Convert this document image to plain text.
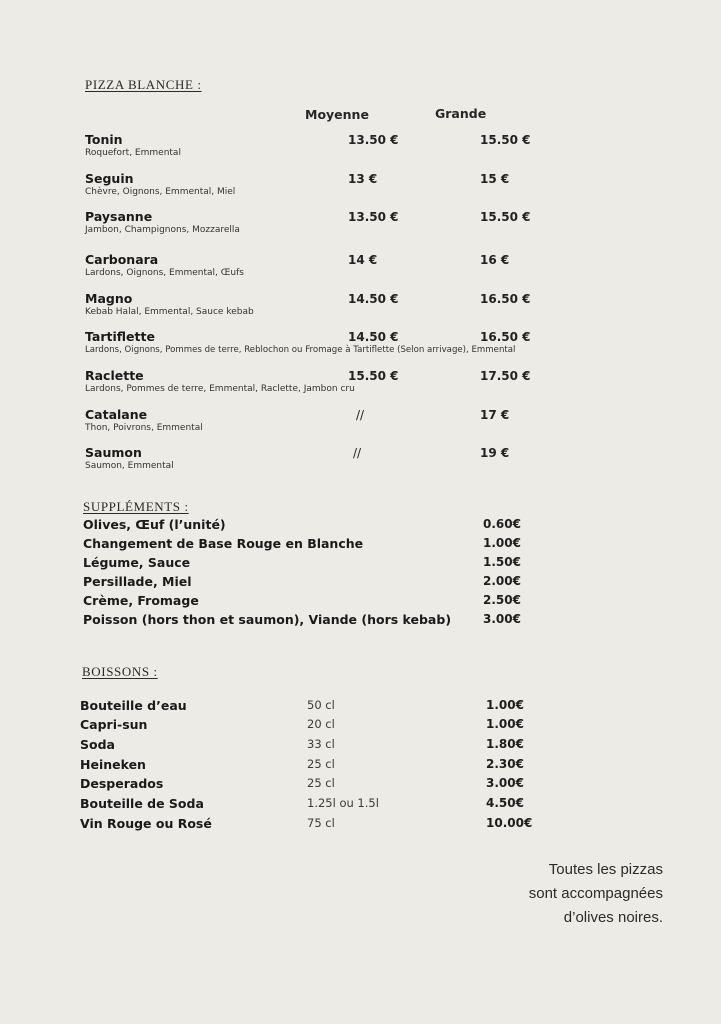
PIZZA BLANCHE :
Moyenne	Grande
Tonin
Roquefort, Emmental
13.50 €	15.50 €
Seguin
Chèvre, Oignons, Emmental, Miel
13 €	15 €
Paysanne
Jambon, Champignons, Mozzarella
13.50 €	15.50 €
Carbonara
Lardons, Oignons, Emmental, Œufs
14 €	16 €
Magno
Kebab Halal, Emmental, Sauce kebab
14.50 €	16.50 €
Tartiflette
Lardons, Oignons, Pommes de terre, Reblochon ou Fromage à Tartiflette (Selon arrivage), Emmental
14.50 €	16.50 €
Raclette
Lardons, Pommes de terre, Emmental, Raclette, Jambon cru
15.50 €	17.50 €
Catalane
Thon, Poivrons, Emmental
//	17 €
Saumon
Saumon, Emmental
//	19 €
SUPPLÉMENTS :
Olives, Œuf (l’unité)	0.60€
Changement de Base Rouge en Blanche	1.00€
Légume, Sauce	1.50€
Persillade, Miel	2.00€
Crème, Fromage	2.50€
Poisson (hors thon et saumon), Viande (hors kebab)	3.00€
BOISSONS :
Bouteille d’eau	50 cl	1.00€
Capri-sun	20 cl	1.00€
Soda	33 cl	1.80€
Heineken	25 cl	2.30€
Desperados	25 cl	3.00€
Bouteille de Soda	1.25l ou 1.5l	4.50€
Vin Rouge ou Rosé	75 cl	10.00€
Toutes les pizzas
sont accompagnées
d’olives noires.
